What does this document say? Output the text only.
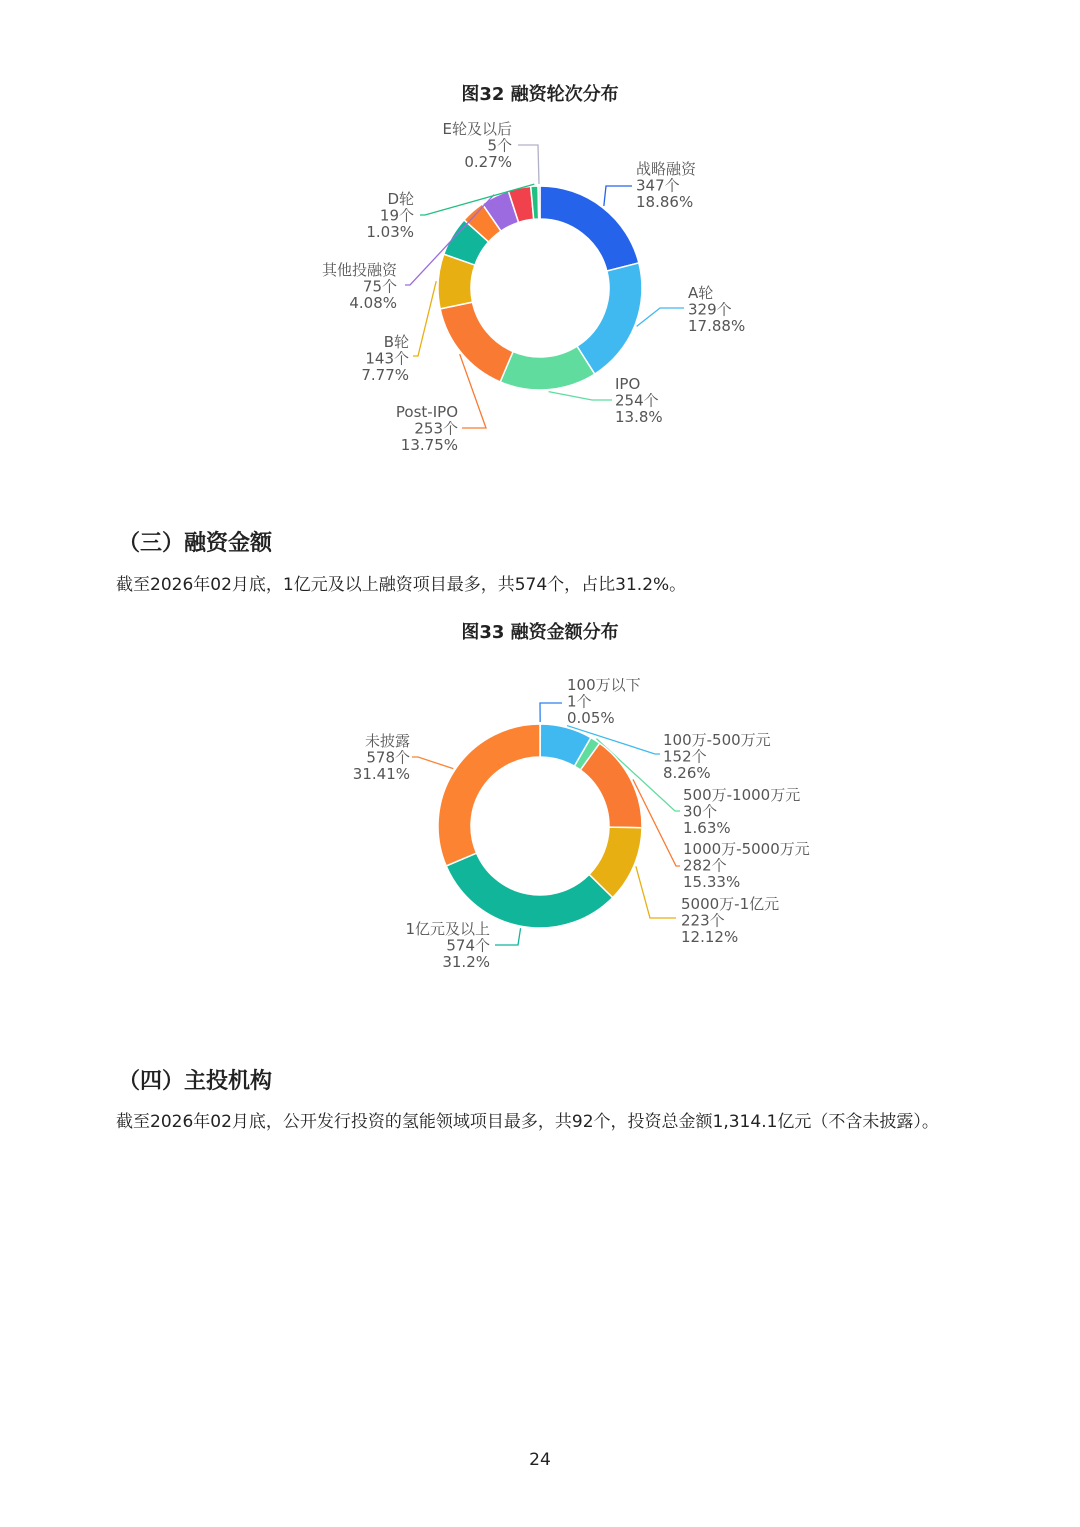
图32 融资轮次分布
战略融资
347个
18.86%
A轮
329个
17.88%
IPO
254个
13.8%
Post-IPO
253个
13.75%
其他投融资
75个
4.08%
D轮
19个
1.03%
E轮及以后
5个
0.27%
B轮
143个
7.77%
（三）融资金额
截至2026年02月底，1亿元及以上融资项目最多，共574个，占比31.2%。
图33 融资金额分布
100万以下
1个
0.05%
100万-500万元
152个
8.26%
500万-1000万元
30个
1.63%
1000万-5000万元
282个
15.33%
5000万-1亿元
223个
12.12%
1亿元及以上
574个
31.2%
未披露
578个
31.41%
（四）主投机构
截至2026年02月底，公开发行投资的氢能领域项目最多，共92个，投资总金额1,314.1亿元（不含未披露）。
24
